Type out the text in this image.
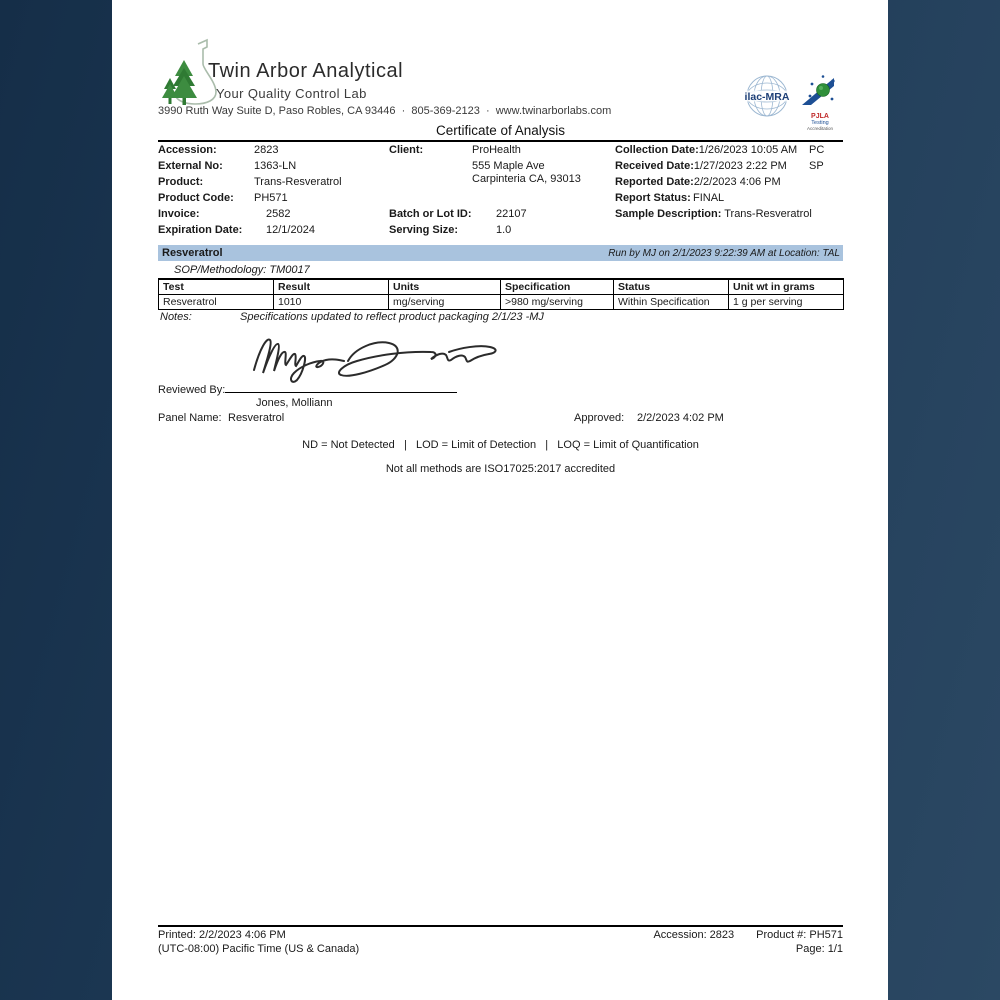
Twin Arbor Analytical
Your Quality Control Lab
3990 Ruth Way Suite D, Paso Robles, CA 93446  ·  805-369-2123  ·  www.twinarborlabs.com
ilac-MRA
PJLA
Testing
Accreditation
Certificate of Analysis
Accession:	2823
External No:	1363-LN
Product:	Trans-Resveratrol
Product Code: PH571
Invoice:	2582
Expiration Date: 12/1/2024
Client:	ProHealth
555 Maple Ave
Carpinteria CA, 93013
Batch or Lot ID: 22107
Serving Size:	1.0
Collection Date:1/26/2023 10:05 AM PC
Received Date:1/27/2023 2:22 PM SP
Reported Date:2/2/2023 4:06 PM
Report Status: FINAL
Sample Description: Trans-Resveratrol
Resveratrol	Run by MJ on 2/1/2023 9:22:39 AM at Location: TAL
SOP/Methodology: TM0017
Test	Result	Units	Specification	Status	Unit wt in grams
Resveratrol	1010	mg/serving	>980 mg/serving	Within Specification	1 g per serving
Notes:	Specifications updated to reflect product packaging 2/1/23 -MJ
Reviewed By:
Jones, Molliann
Panel Name: Resveratrol	Approved: 2/2/2023 4:02 PM
ND = Not Detected   |   LOD = Limit of Detection   |   LOQ = Limit of Quantification
Not all methods are ISO17025:2017 accredited
Printed: 2/2/2023 4:06 PM
(UTC-08:00) Pacific Time (US & Canada)
Accession: 2823 Product #: PH571
Page: 1/1
